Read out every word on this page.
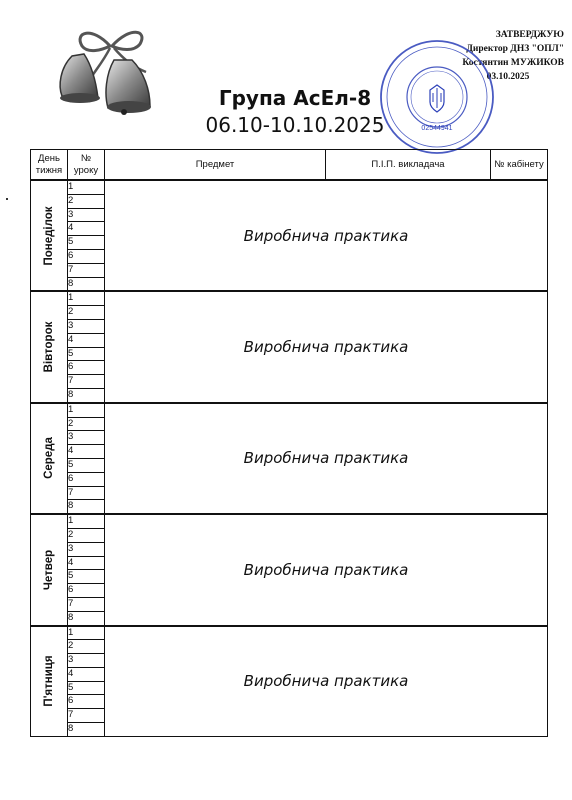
ЗАТВЕРДЖУЮ
Директор ДНЗ "ОПЛ"
Костянтин МУЖИКОВ
03.10.2025
02544941
Група АсЕл-8
06.10-10.10.2025
День тижня	№ уроку	Предмет	П.І.П. викладача	№ кабінету

Понеділок	1	Виробнича практика		
	2			
	3			
	4			
	5			
	6			
	7			
	8			

Вівторок	1	Виробнича практика		
	2			
	3			
	4			
	5			
	6			
	7			
	8			

Середа	1	Виробнича практика		
	2			
	3			
	4			
	5			
	6			
	7			
	8			

Четвер	1	Виробнича практика		
	2			
	3			
	4			
	5			
	6			
	7			
	8			

П'ятниця	1	Виробнича практика		
	2			
	3			
	4			
	5			
	6			
	7			
	8			
